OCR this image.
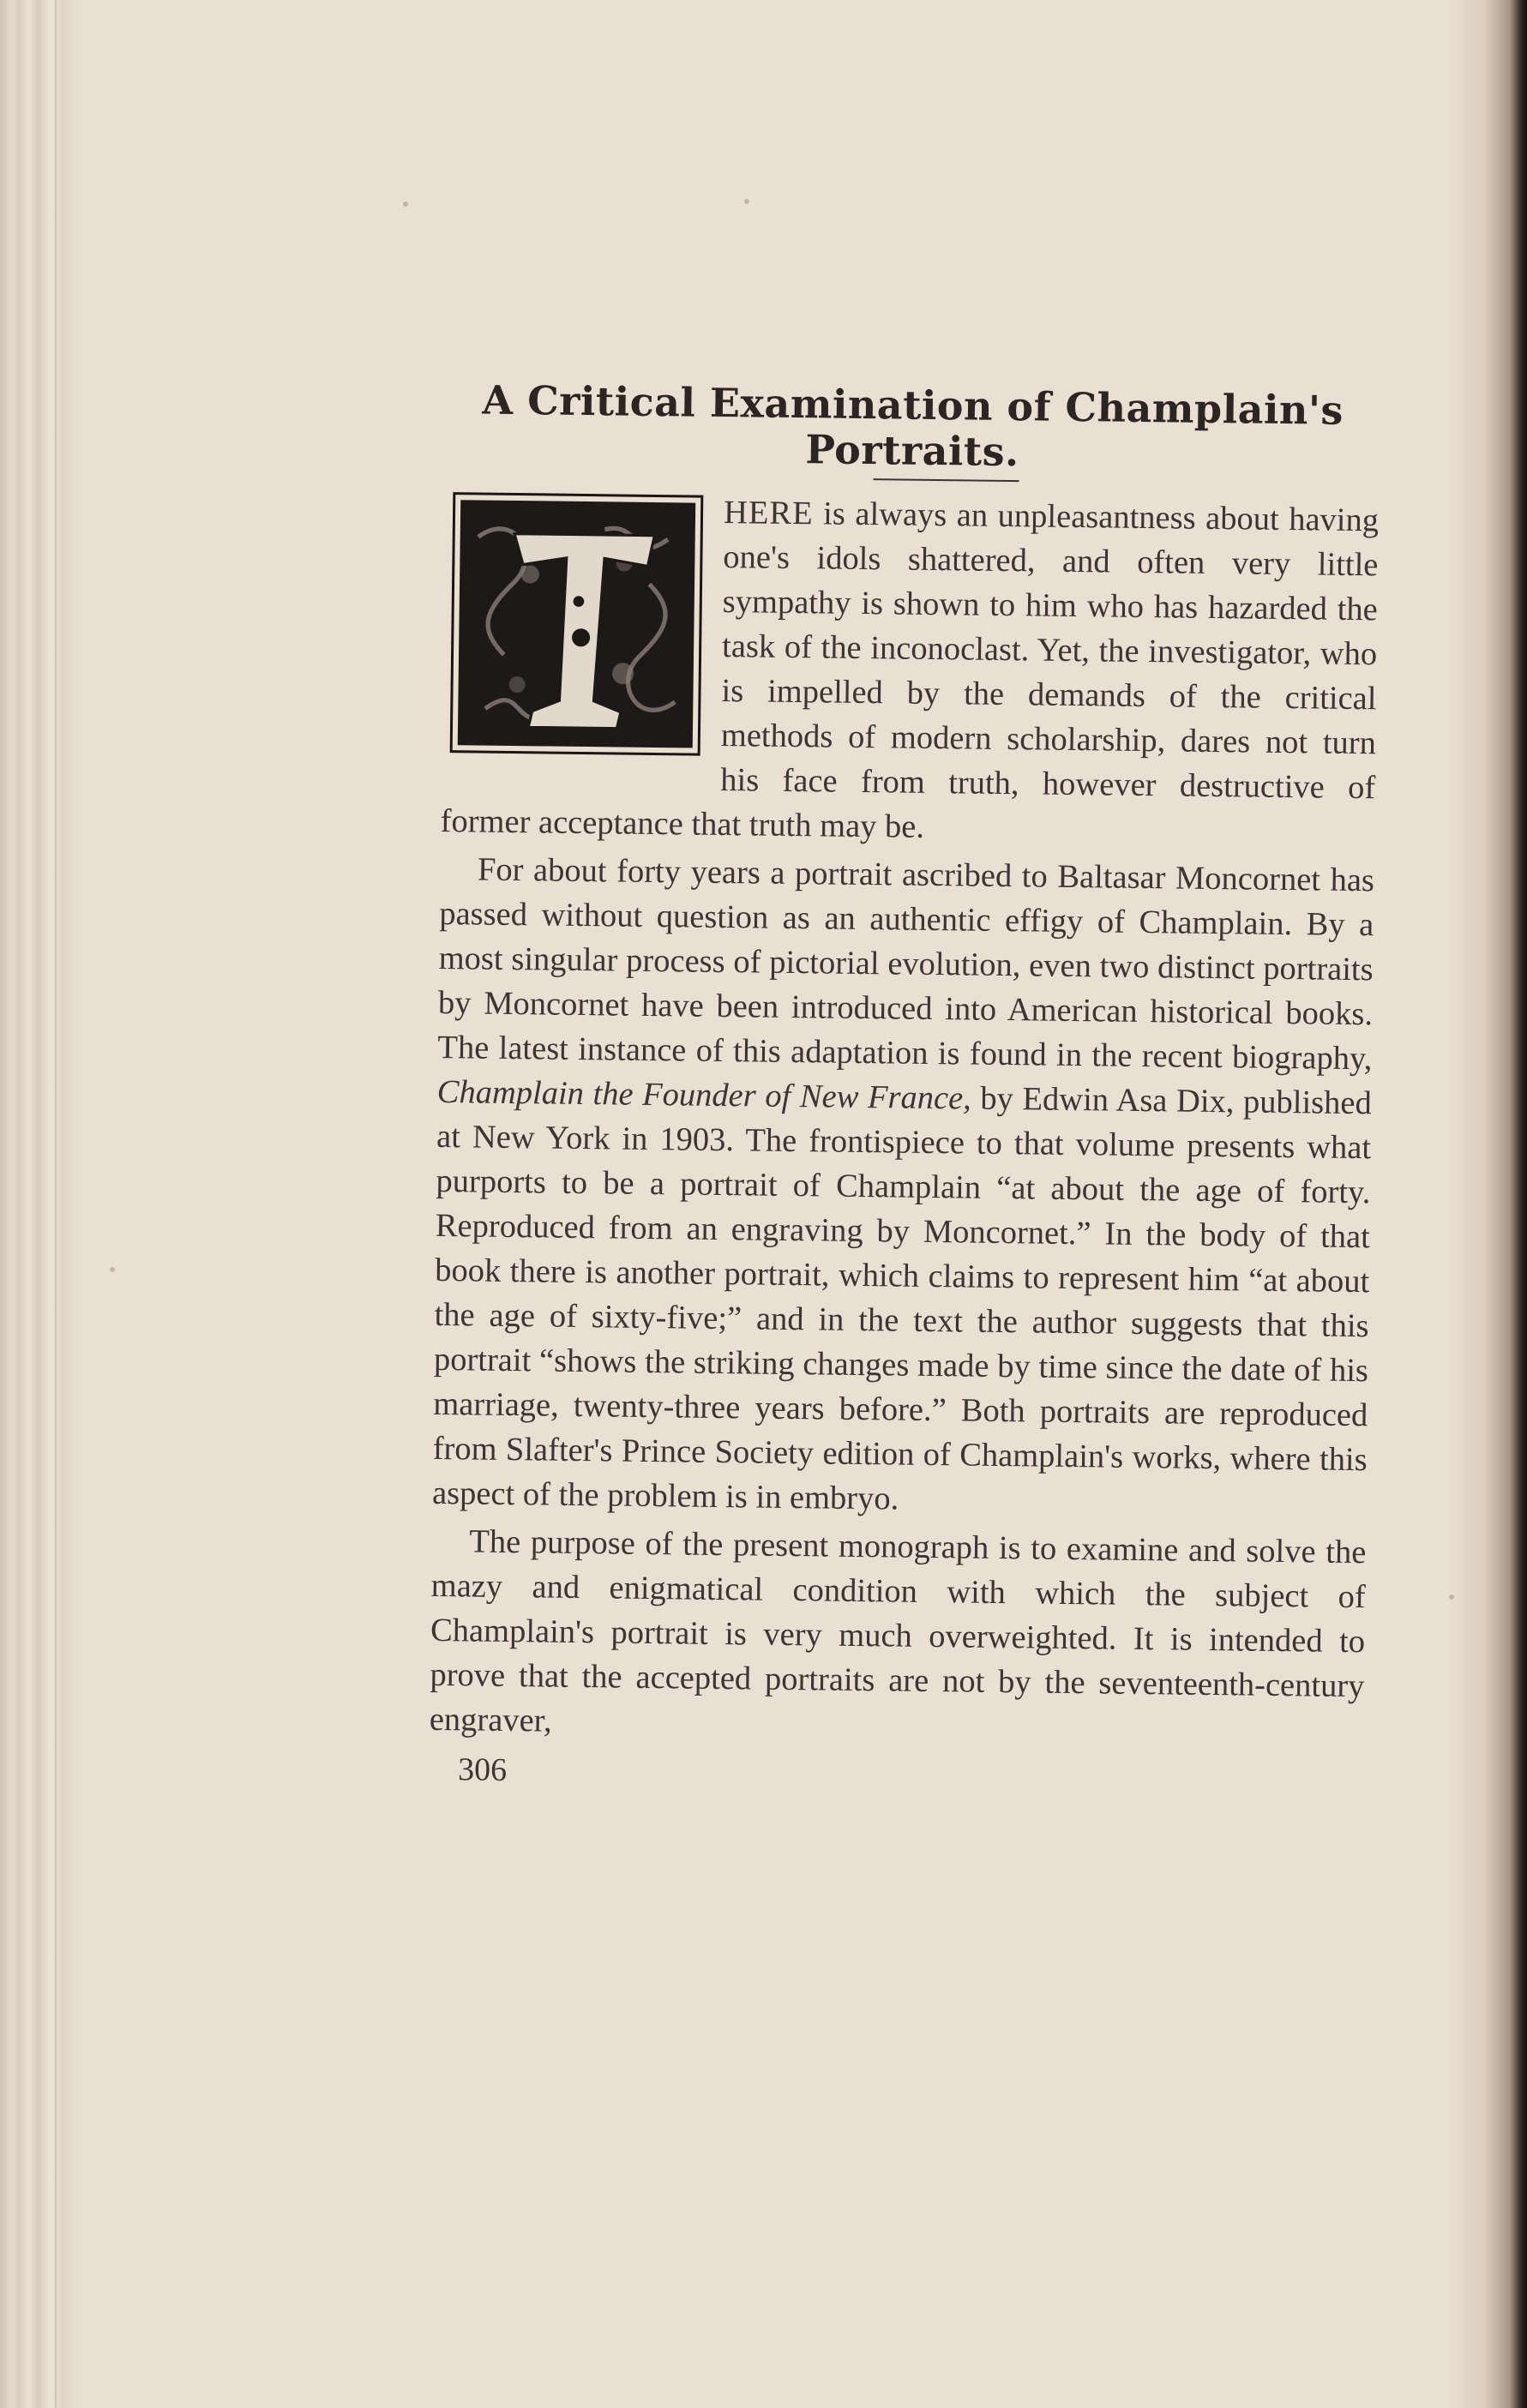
A Critical Examination of Champlain's
Portraits.

HERE is always an unpleasantness about having one's idols shattered, and often very little sympathy is shown to him who has hazarded the task of the inconoclast. Yet, the investigator, who is impelled by the demands of the critical methods of modern scholarship, dares not turn his face from truth, however destructive of former acceptance that truth may be.

For about forty years a portrait ascribed to Baltasar Moncornet has passed without question as an authentic effigy of Champlain. By a most singular process of pictorial evolution, even two distinct portraits by Moncornet have been introduced into American historical books. The latest instance of this adaptation is found in the recent biography, Champlain the Founder of New France, by Edwin Asa Dix, published at New York in 1903. The frontispiece to that volume presents what purports to be a portrait of Champlain “at about the age of forty. Reproduced from an engraving by Moncornet.” In the body of that book there is another portrait, which claims to represent him “at about the age of sixty-five;” and in the text the author suggests that this portrait “shows the striking changes made by time since the date of his marriage, twenty-three years before.” Both portraits are reproduced from Slafter's Prince Society edition of Champlain's works, where this aspect of the problem is in embryo.

The purpose of the present monograph is to examine and solve the mazy and enigmatical condition with which the subject of Champlain's portrait is very much overweighted. It is intended to prove that the accepted portraits are not by the seventeenth-century engraver,

306
